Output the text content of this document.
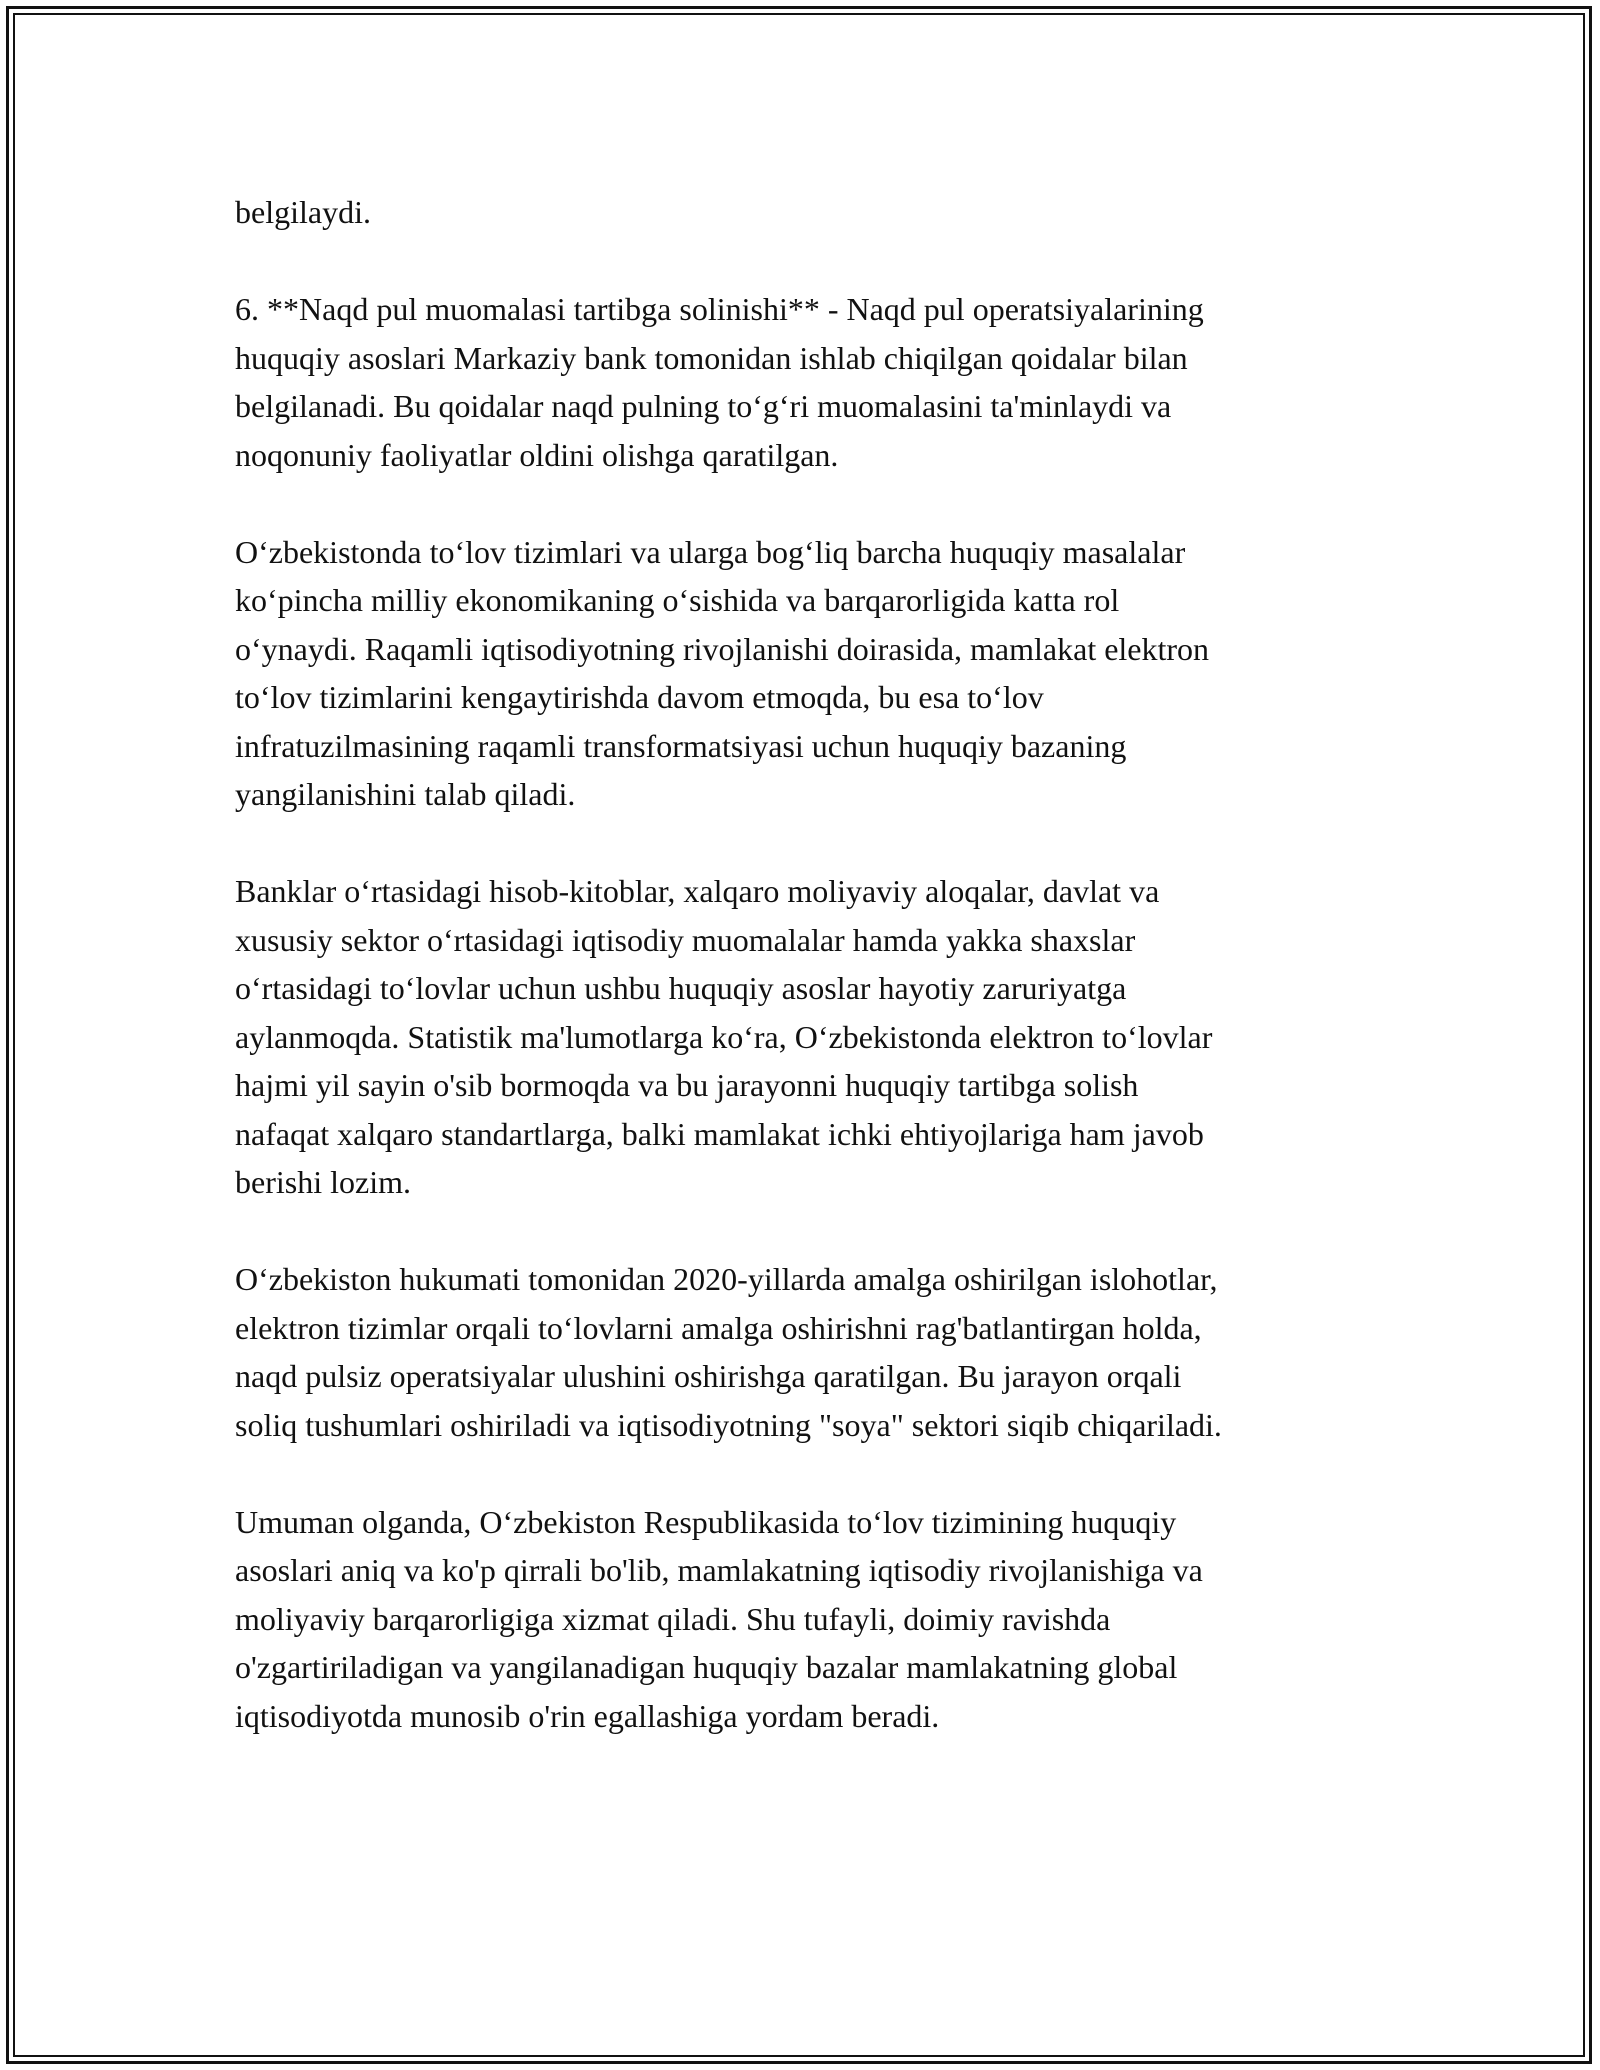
belgilaydi.

6. **Naqd pul muomalasi tartibga solinishi** - Naqd pul operatsiyalarining
huquqiy asoslari Markaziy bank tomonidan ishlab chiqilgan qoidalar bilan
belgilanadi. Bu qoidalar naqd pulning to‘g‘ri muomalasini ta'minlaydi va
noqonuniy faoliyatlar oldini olishga qaratilgan.

O‘zbekistonda to‘lov tizimlari va ularga bog‘liq barcha huquqiy masalalar
ko‘pincha milliy ekonomikaning o‘sishida va barqarorligida katta rol
o‘ynaydi. Raqamli iqtisodiyotning rivojlanishi doirasida, mamlakat elektron
to‘lov tizimlarini kengaytirishda davom etmoqda, bu esa to‘lov
infratuzilmasining raqamli transformatsiyasi uchun huquqiy bazaning
yangilanishini talab qiladi.

Banklar o‘rtasidagi hisob-kitoblar, xalqaro moliyaviy aloqalar, davlat va
xususiy sektor o‘rtasidagi iqtisodiy muomalalar hamda yakka shaxslar
o‘rtasidagi to‘lovlar uchun ushbu huquqiy asoslar hayotiy zaruriyatga
aylanmoqda. Statistik ma'lumotlarga ko‘ra, O‘zbekistonda elektron to‘lovlar
hajmi yil sayin o'sib bormoqda va bu jarayonni huquqiy tartibga solish
nafaqat xalqaro standartlarga, balki mamlakat ichki ehtiyojlariga ham javob
berishi lozim.

O‘zbekiston hukumati tomonidan 2020-yillarda amalga oshirilgan islohotlar,
elektron tizimlar orqali to‘lovlarni amalga oshirishni rag'batlantirgan holda,
naqd pulsiz operatsiyalar ulushini oshirishga qaratilgan. Bu jarayon orqali
soliq tushumlari oshiriladi va iqtisodiyotning "soya" sektori siqib chiqariladi.

Umuman olganda, O‘zbekiston Respublikasida to‘lov tizimining huquqiy
asoslari aniq va ko'p qirrali bo'lib, mamlakatning iqtisodiy rivojlanishiga va
moliyaviy barqarorligiga xizmat qiladi. Shu tufayli, doimiy ravishda
o'zgartiriladigan va yangilanadigan huquqiy bazalar mamlakatning global
iqtisodiyotda munosib o'rin egallashiga yordam beradi.
